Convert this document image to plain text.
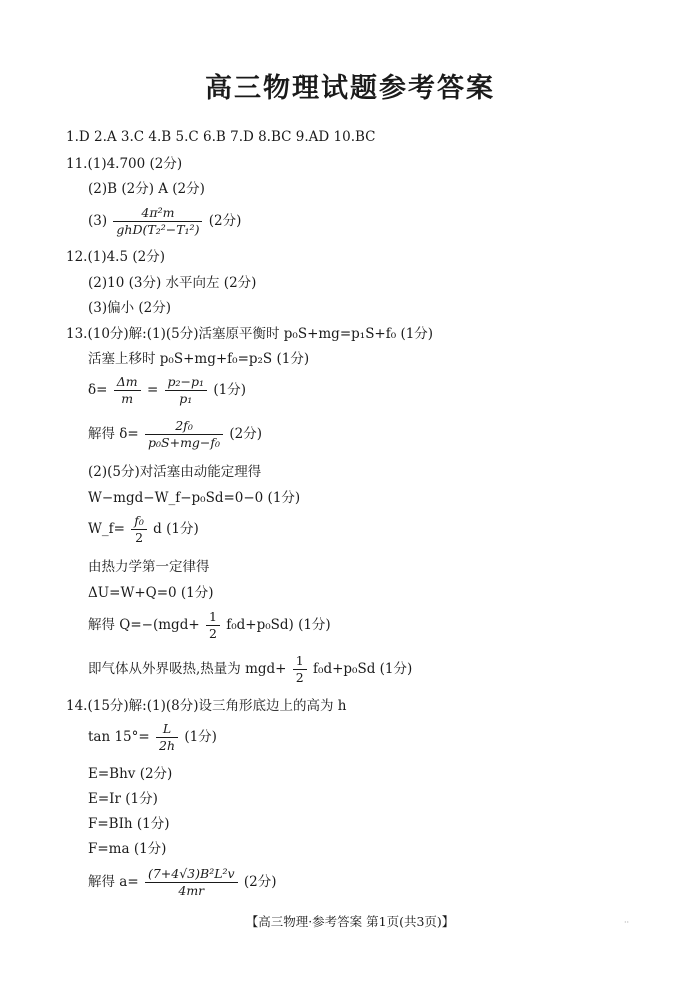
高三物理试题参考答案
1.D 2.A 3.C 4.B 5.C 6.B 7.D 8.BC 9.AD 10.BC
11.(1)4.700 (2分)
(2)B (2分) A (2分)
$(3) \frac{\text{4π²m}}{\text{ghD(T₂²−T₁²)}} (2$分)
12.(1)4.5 (2分)
(2)10 (3分) 水平向左 (2分)
(3)偏小 (2分)
13.(10分)解:(1)(5分)活塞原平衡时 p₀S+mg=p₁S+f₀ (1分)
活塞上移时 p₀S+mg+f₀=p₂S (1分)
$\delta= \frac{\Delta m}{m} = \frac{\text{p₂−p₁}}{\text{p₁}} (1$分)
解得 $\delta= \frac{\text{2f₀}}{\text{p₀S+mg−f₀}} (2$分)
(2)(5分)对活塞由动能定理得
W−mgd−W_f−p₀Sd=0−0 (1分)
W_f= $\frac{\text{f₀}}{2}$ d (1分)
由热力学第一定律得
ΔU=W+Q=0 (1分)
解得 $Q=-(mgd+ \frac{1}{2} f_0d+p_0Sd)$ (1分)
即气体从外界吸热,热量为 $mgd+ \frac{1}{2} f_0d+p_0Sd$ (1分)
14.(15分)解:(1)(8分)设三角形底边上的高为 h
$\tan 15^\circ= \frac{L}{2h} (1$分)
E=Bhv (2分)
E=Ir (1分)
F=BIh (1分)
F=ma (1分)
解得 $a= \frac{\text{(7+4√3)B²L²v}}{4mr} (2$分)
【高三物理·参考答案 第1页(共3页)】	··
